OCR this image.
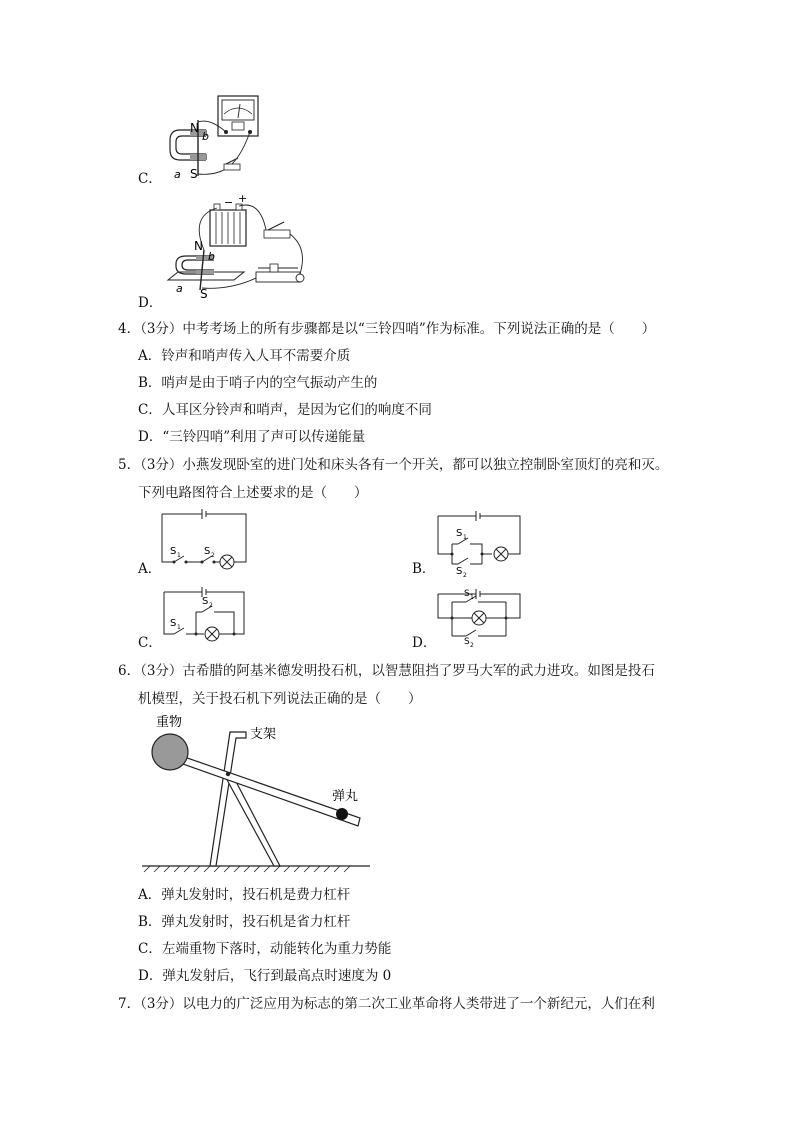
N
b
S
a
C．
− +
N
b
a S
D．
4．（3分）中考考场上的所有步骤都是以“三铃四哨”作为标准。下列说法正确的是（　　）
A．铃声和哨声传入人耳不需要介质
B．哨声是由于哨子内的空气振动产生的
C．人耳区分铃声和哨声，是因为它们的响度不同
D．“三铃四哨”利用了声可以传递能量
5．（3分）小燕发现卧室的进门处和床头各有一个开关，都可以独立控制卧室顶灯的亮和灭。
下列电路图符合上述要求的是（　　）
S 1 S 2
A．
S 1
S 2
B．
S 1
S 2
C．
S 1
S 2
D．
6．（3分）古希腊的阿基米德发明投石机，以智慧阻挡了罗马大军的武力进攻。如图是投石
机模型，关于投石机下列说法正确的是（　　）
重物
支架
弹丸
A．弹丸发射时，投石机是费力杠杆
B．弹丸发射时，投石机是省力杠杆
C．左端重物下落时，动能转化为重力势能
D．弹丸发射后，飞行到最高点时速度为 0
7．（3分）以电力的广泛应用为标志的第二次工业革命将人类带进了一个新纪元，人们在利
